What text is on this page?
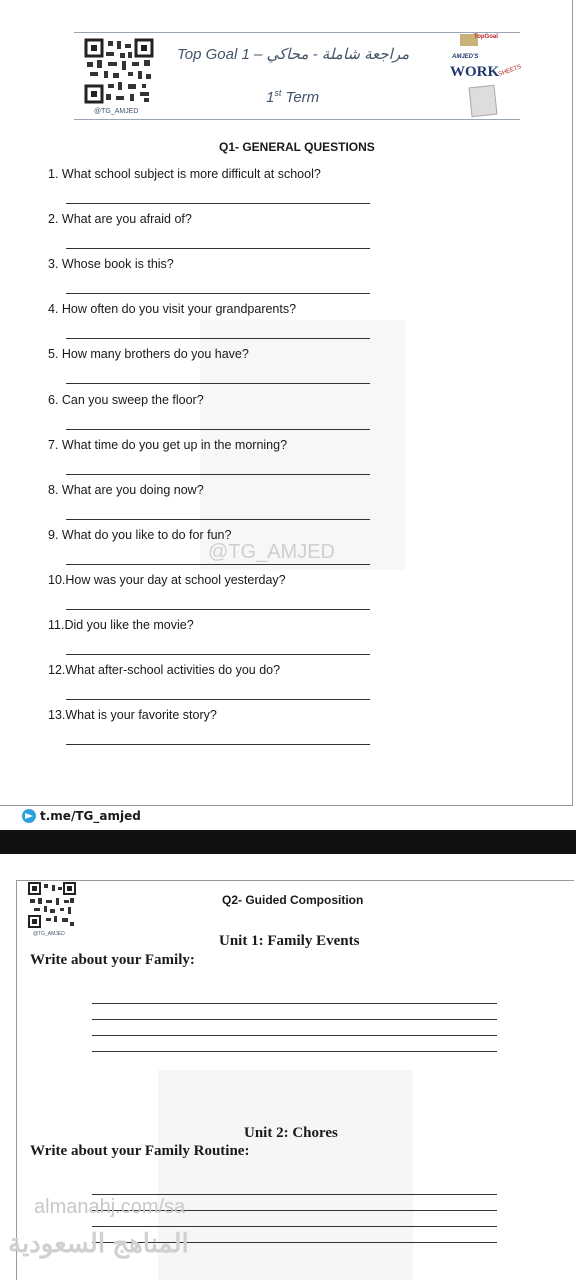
@TG_AMJED
Top Goal 1 – مراجعة شاملة - محاكي
1st Term
TopGoal
AMJED'S
WORK
SHEETS
@TG_AMJED
Q1- GENERAL QUESTIONS
1. What school subject is more difficult at school?
2. What are you afraid of?
3. Whose book is this?
4. How often do you visit your grandparents?
5. How many brothers do you have?
6. Can you sweep the floor?
7. What time do you get up in the morning?
8. What are you doing now?
9. What do you like to do for fun?
10.How was your day at school yesterday?
11.Did you like the movie?
12.What after-school activities do you do?
13.What is your favorite story?
t.me/TG_amjed
@TG_AMJED
Q2- Guided Composition
Unit 1: Family Events
Write about your Family:
Unit 2: Chores
Write about your Family Routine:
almanahj.com/sa
المناهج السعودية
